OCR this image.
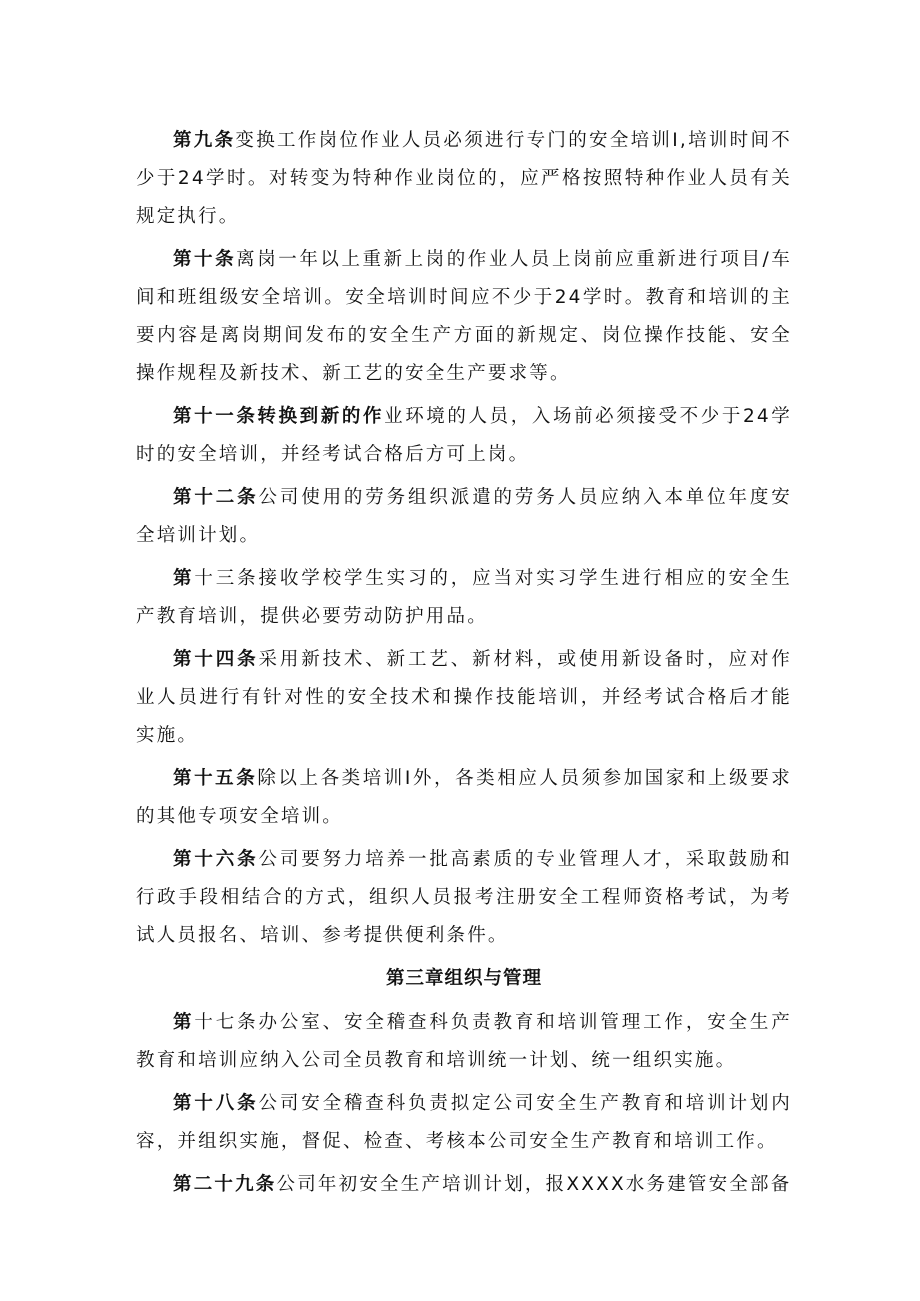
第九条变换工作岗位作业人员必须进行专门的安全培训I,培训时间不少于24学时。对转变为特种作业岗位的，应严格按照特种作业人员有关规定执行。

第十条离岗一年以上重新上岗的作业人员上岗前应重新进行项目/车间和班组级安全培训。安全培训时间应不少于24学时。教育和培训的主要内容是离岗期间发布的安全生产方面的新规定、岗位操作技能、安全操作规程及新技术、新工艺的安全生产要求等。

第十一条转换到新的作业环境的人员，入场前必须接受不少于24学时的安全培训，并经考试合格后方可上岗。

第十二条公司使用的劳务组织派遣的劳务人员应纳入本单位年度安全培训计划。

第十三条接收学校学生实习的，应当对实习学生进行相应的安全生产教育培训，提供必要劳动防护用品。

第十四条采用新技术、新工艺、新材料，或使用新设备时，应对作业人员进行有针对性的安全技术和操作技能培训，并经考试合格后才能实施。

第十五条除以上各类培训I外，各类相应人员须参加国家和上级要求的其他专项安全培训。

第十六条公司要努力培养一批高素质的专业管理人才，采取鼓励和行政手段相结合的方式，组织人员报考注册安全工程师资格考试，为考试人员报名、培训、参考提供便利条件。

第三章组织与管理

第十七条办公室、安全稽查科负责教育和培训管理工作，安全生产教育和培训应纳入公司全员教育和培训统一计划、统一组织实施。

第十八条公司安全稽查科负责拟定公司安全生产教育和培训计划内容，并组织实施，督促、检查、考核本公司安全生产教育和培训工作。

第二十九条公司年初安全生产培训计划，报XXXX水务建管安全部备
